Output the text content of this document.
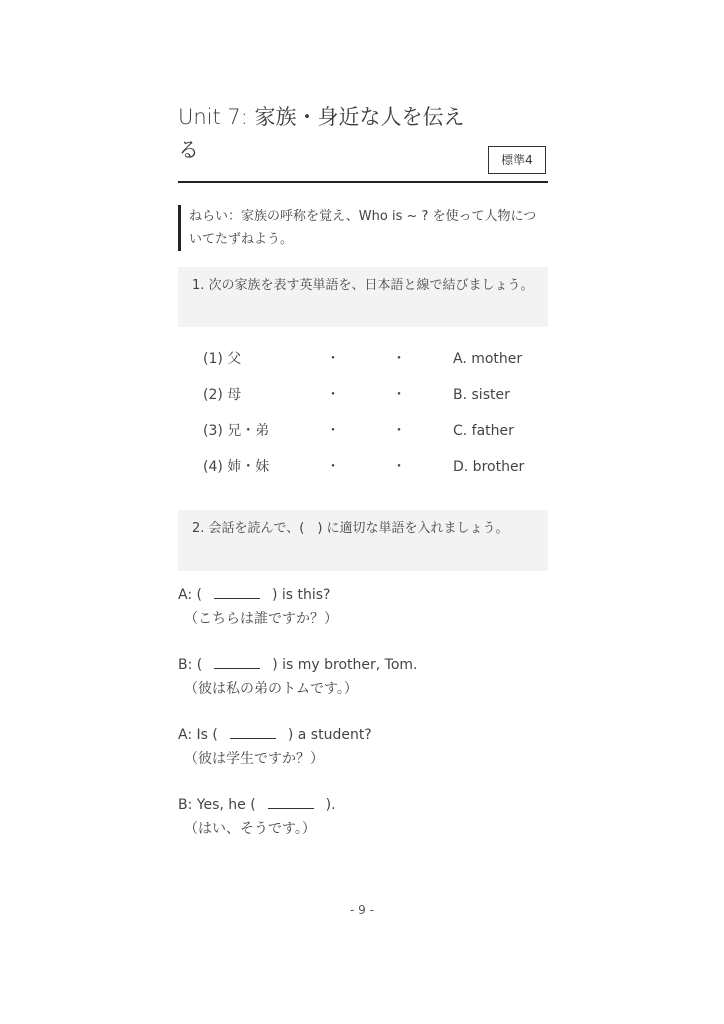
Unit 7: 家族・身近な人を伝える	標準4
ねらい：家族の呼称を覚え、Who is ~ ? を使って人物についてたずねよう。
1. 次の家族を表す英単語を、日本語と線で結びましょう。
(1) 父	・	・	A. mother
(2) 母	・	・	B. sister
(3) 兄・弟	・	・	C. father
(4) 姉・妹	・	・	D. brother
2. 会話を読んで、(　) に適切な単語を入れましょう。
A: (	) is this?
（こちらは誰ですか？）
B: (	) is my brother, Tom.
（彼は私の弟のトムです。）
A: Is (	) a student?
（彼は学生ですか？）
B: Yes, he (	).
（はい、そうです。）
- 9 -
